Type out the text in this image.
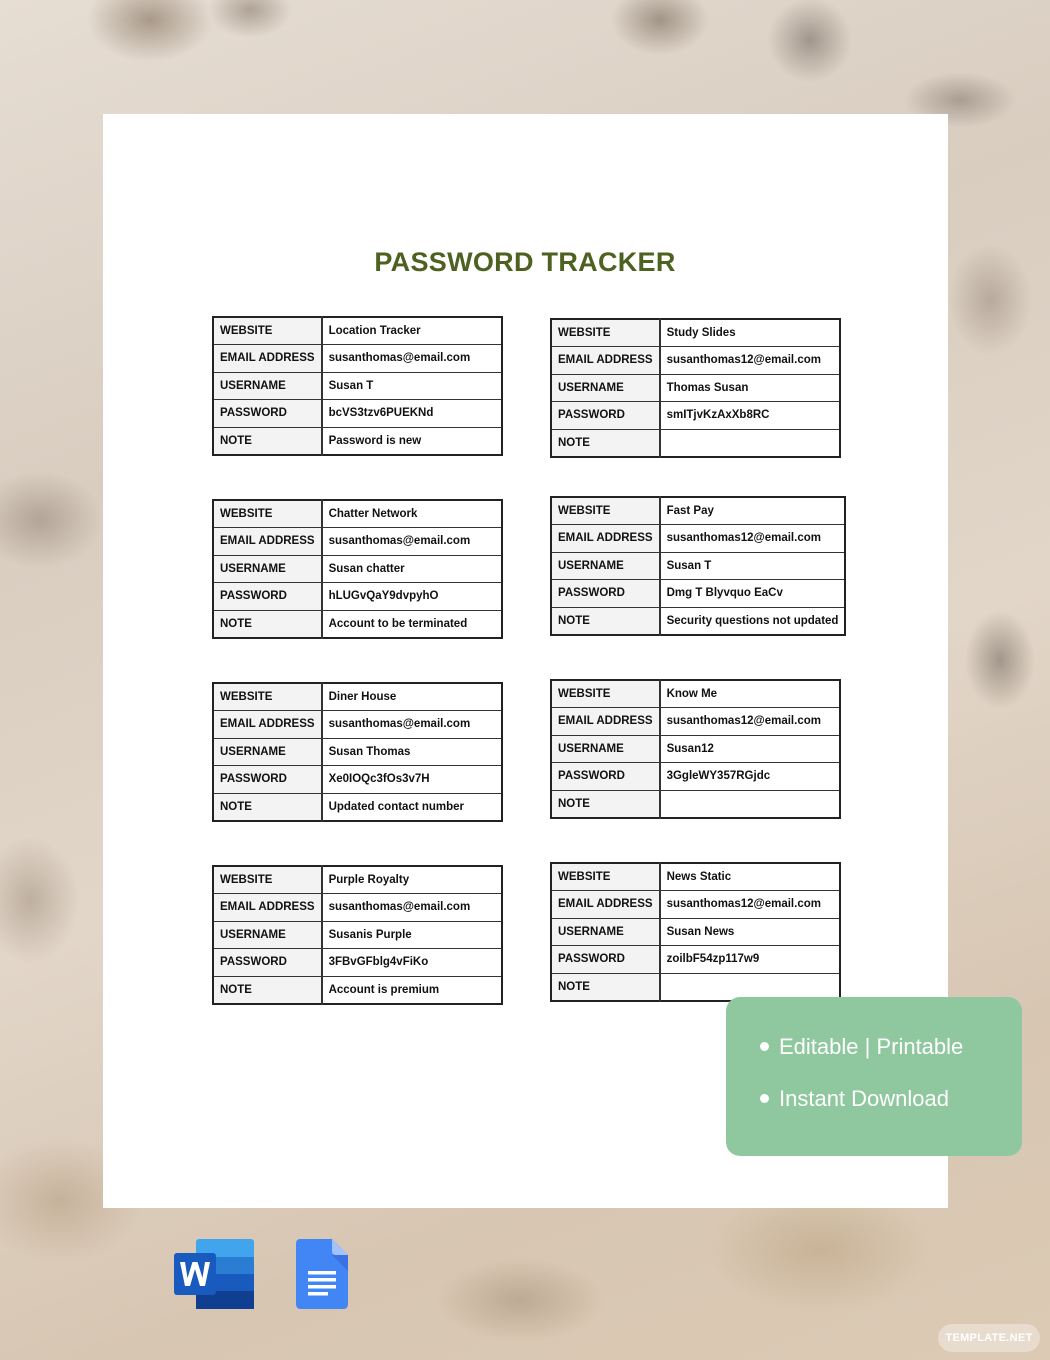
PASSWORD TRACKER
WEBSITE	Location Tracker
EMAIL ADDRESS	susanthomas@email.com
USERNAME	Susan T
PASSWORD	bcVS3tzv6PUEKNd
NOTE	Password is new
WEBSITE	Study Slides
EMAIL ADDRESS	susanthomas12@email.com
USERNAME	Thomas Susan
PASSWORD	smITjvKzAxXb8RC
NOTE	
WEBSITE	Chatter Network
EMAIL ADDRESS	susanthomas@email.com
USERNAME	Susan chatter
PASSWORD	hLUGvQaY9dvpyhO
NOTE	Account to be terminated
WEBSITE	Fast Pay
EMAIL ADDRESS	susanthomas12@email.com
USERNAME	Susan T
PASSWORD	Dmg T Blyvquo EaCv
NOTE	Security questions not updated
WEBSITE	Diner House
EMAIL ADDRESS	susanthomas@email.com
USERNAME	Susan Thomas
PASSWORD	Xe0IOQc3fOs3v7H
NOTE	Updated contact number
WEBSITE	Know Me
EMAIL ADDRESS	susanthomas12@email.com
USERNAME	Susan12
PASSWORD	3GgleWY357RGjdc
NOTE	
WEBSITE	Purple Royalty
EMAIL ADDRESS	susanthomas@email.com
USERNAME	Susanis Purple
PASSWORD	3FBvGFblg4vFiKo
NOTE	Account is premium
WEBSITE	News Static
EMAIL ADDRESS	susanthomas12@email.com
USERNAME	Susan News
PASSWORD	zoilbF54zp117w9
NOTE	
Editable | Printable
Instant Download
TEMPLATE.NET
